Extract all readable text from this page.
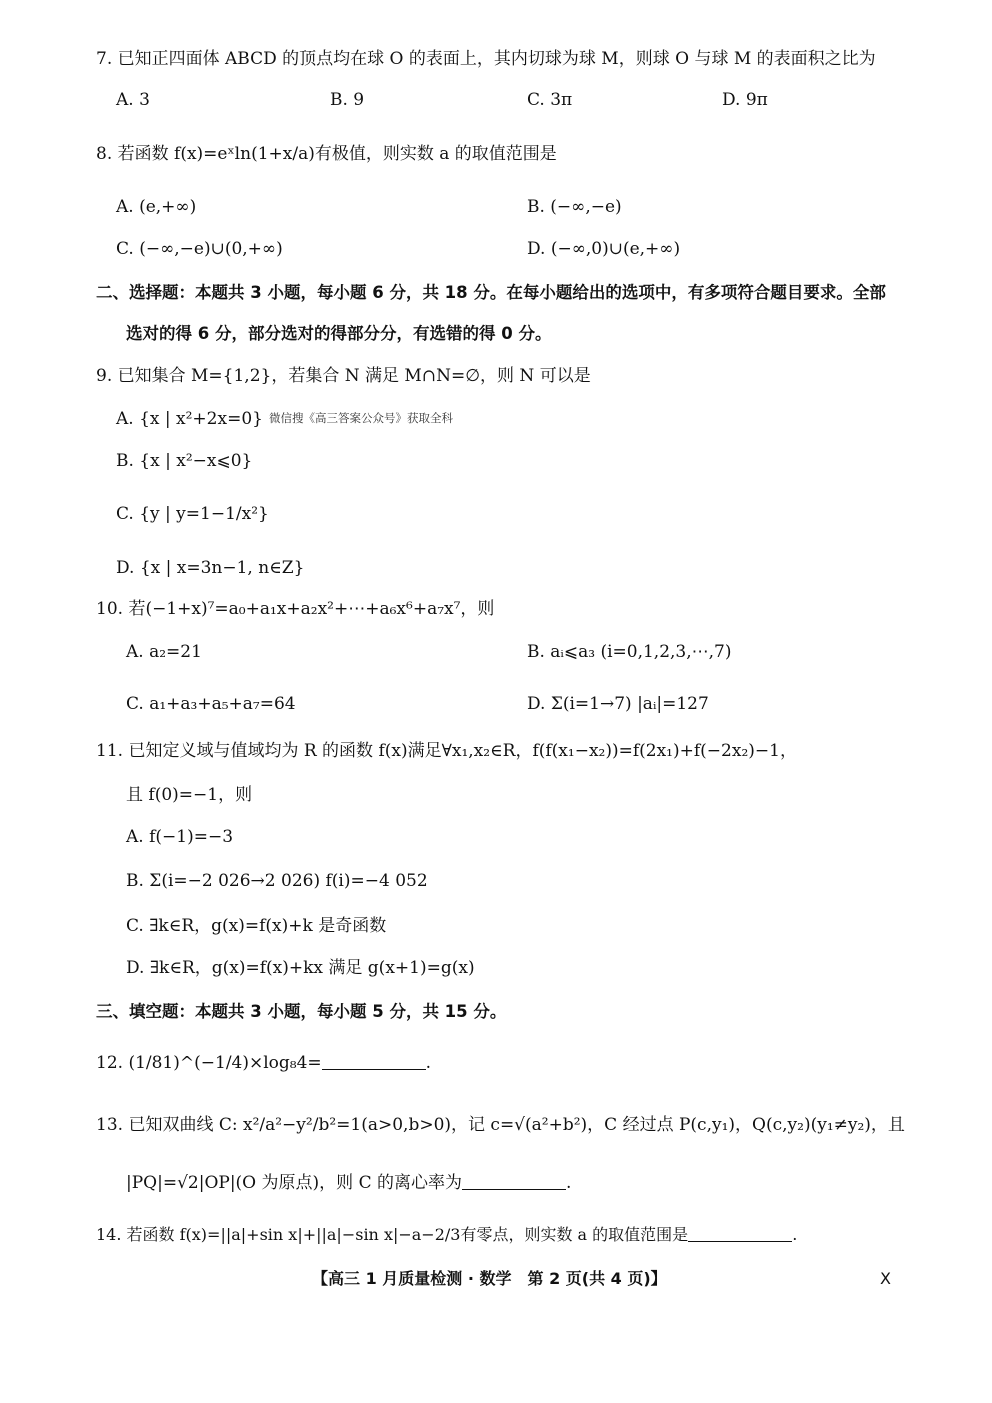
7. 已知正四面体 ABCD 的顶点均在球 O 的表面上，其内切球为球 M，则球 O 与球 M 的表面积之比为
A. 3	B. 9	C. 3π	D. 9π
8. 若函数 f(x)=eˣln(1+x/a)有极值，则实数 a 的取值范围是
A. (e,+∞)	B. (−∞,−e)
C. (−∞,−e)∪(0,+∞)	D. (−∞,0)∪(e,+∞)
二、选择题：本题共 3 小题，每小题 6 分，共 18 分。在每小题给出的选项中，有多项符合题目要求。全部
选对的得 6 分，部分选对的得部分分，有选错的得 0 分。
9. 已知集合 M={1,2}，若集合 N 满足 M∩N=∅，则 N 可以是
A. {x | x²+2x=0} 微信搜《高三答案公众号》获取全科
B. {x | x²−x⩽0}
C. {y | y=1−1/x²}
D. {x | x=3n−1, n∈Z}
10. 若(−1+x)⁷=a₀+a₁x+a₂x²+⋯+a₆x⁶+a₇x⁷，则
A. a₂=21	B. aᵢ⩽a₃ (i=0,1,2,3,⋯,7)
C. a₁+a₃+a₅+a₇=64	D. Σ(i=1→7) |aᵢ|=127
11. 已知定义域与值域均为 R 的函数 f(x)满足∀x₁,x₂∈R，f(f(x₁−x₂))=f(2x₁)+f(−2x₂)−1，
且 f(0)=−1，则
A. f(−1)=−3
B. Σ(i=−2 026→2 026) f(i)=−4 052
C. ∃k∈R，g(x)=f(x)+k 是奇函数
D. ∃k∈R，g(x)=f(x)+kx 满足 g(x+1)=g(x)
三、填空题：本题共 3 小题，每小题 5 分，共 15 分。
12. (1/81)^(−1/4)×log₈4=	.
13. 已知双曲线 C: x²/a²−y²/b²=1(a>0,b>0)，记 c=√(a²+b²)，C 经过点 P(c,y₁)，Q(c,y₂)(y₁≠y₂)，且
|PQ|=√2|OP|(O 为原点)，则 C 的离心率为	.
14. 若函数 f(x)=||a|+sin x|+||a|−sin x|−a−2/3有零点，则实数 a 的取值范围是	.
【高三 1 月质量检测 · 数学　第 2 页(共 4 页)】	X
